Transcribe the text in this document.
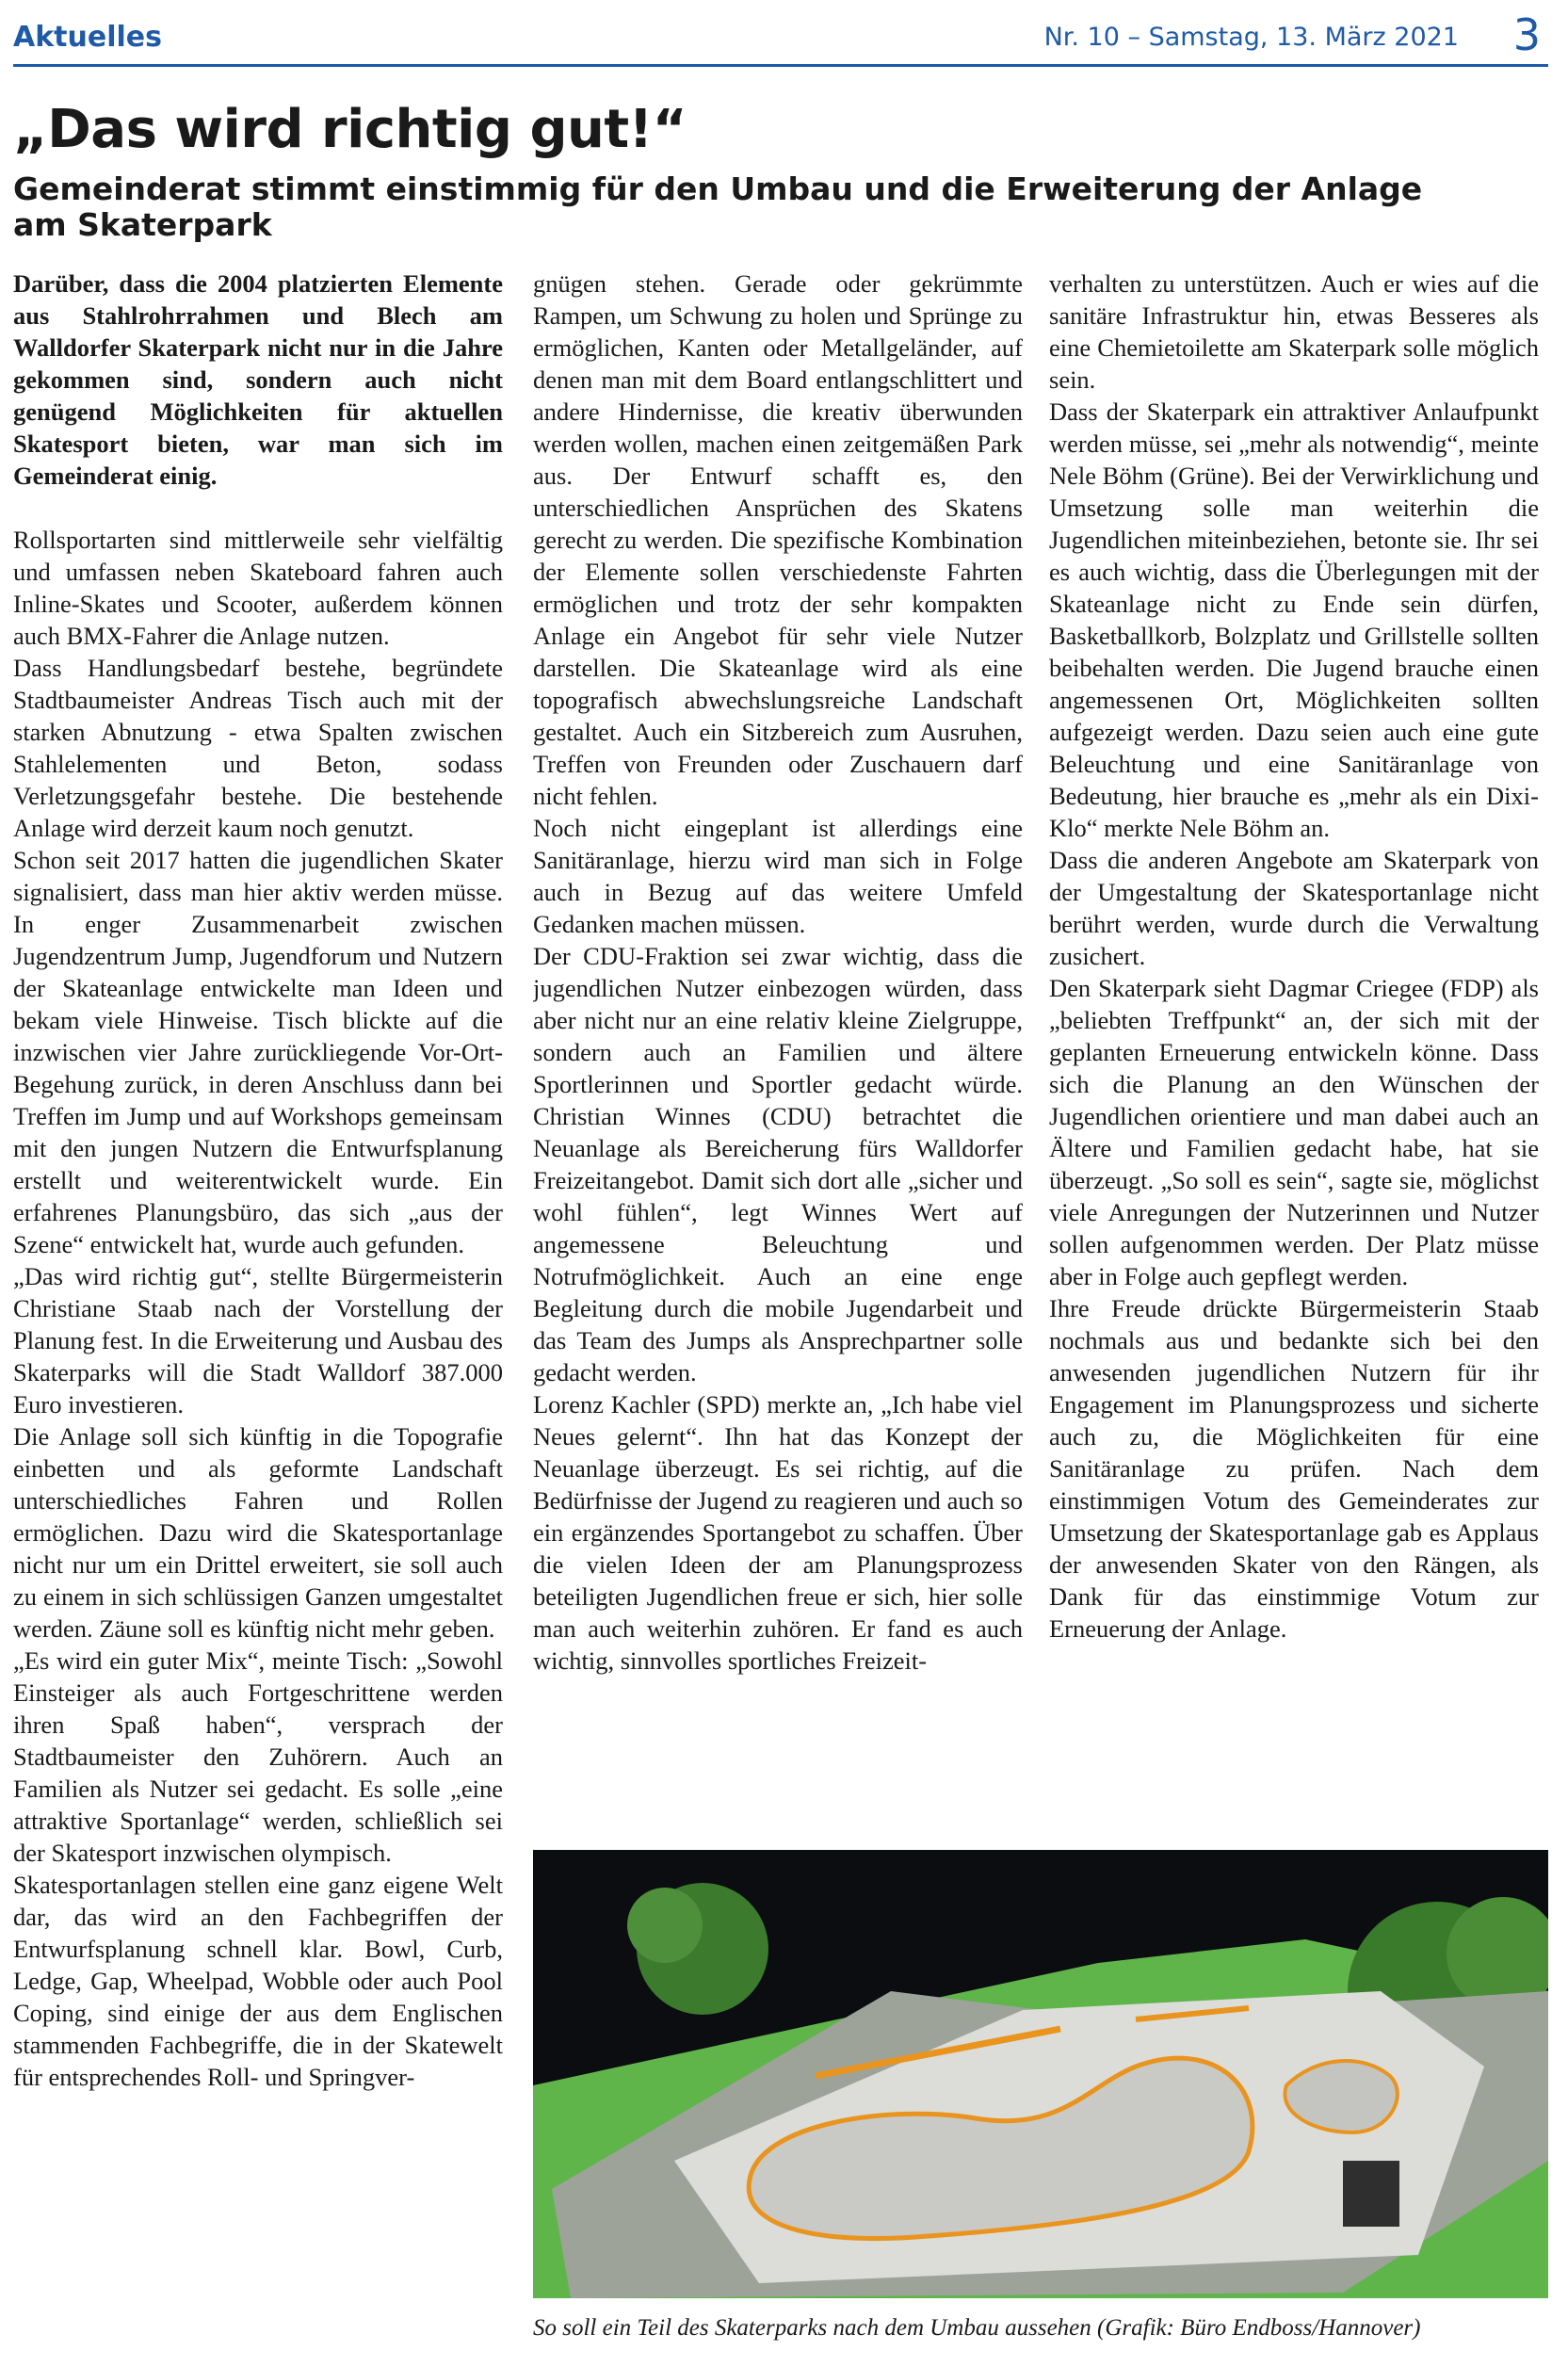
Aktuelles	Nr. 10 – Samstag, 13. März 2021 3
„Das wird richtig gut!“
Gemeinderat stimmt einstimmig für den Umbau und die Erweiterung der Anlage am Skaterpark

Darüber, dass die 2004 platzierten Elemente aus Stahlrohrrahmen und Blech am Walldorfer Skaterpark nicht nur in die Jahre gekommen sind, sondern auch nicht genügend Möglichkeiten für aktuellen Skatesport bieten, war man sich im Gemeinderat einig.

Rollsportarten sind mittlerweile sehr vielfältig und umfassen neben Skateboard fahren auch Inline-Skates und Scooter, außerdem können auch BMX-Fahrer die Anlage nutzen.

Dass Handlungsbedarf bestehe, begründete Stadtbaumeister Andreas Tisch auch mit der starken Abnutzung - etwa Spalten zwischen Stahlelementen und Beton, sodass Verletzungsgefahr bestehe. Die bestehende Anlage wird derzeit kaum noch genutzt.

Schon seit 2017 hatten die jugendlichen Skater signalisiert, dass man hier aktiv werden müsse. In enger Zusammenarbeit zwischen Jugendzentrum Jump, Jugendforum und Nutzern der Skateanlage entwickelte man Ideen und bekam viele Hinweise. Tisch blickte auf die inzwischen vier Jahre zurückliegende Vor-Ort-Begehung zurück, in deren Anschluss dann bei Treffen im Jump und auf Workshops gemeinsam mit den jungen Nutzern die Entwurfsplanung erstellt und weiterentwickelt wurde. Ein erfahrenes Planungsbüro, das sich „aus der Szene“ entwickelt hat, wurde auch gefunden.

„Das wird richtig gut“, stellte Bürgermeisterin Christiane Staab nach der Vorstellung der Planung fest. In die Erweiterung und Ausbau des Skaterparks will die Stadt Walldorf 387.000 Euro investieren.

Die Anlage soll sich künftig in die Topografie einbetten und als geformte Landschaft unterschiedliches Fahren und Rollen ermöglichen. Dazu wird die Skatesportanlage nicht nur um ein Drittel erweitert, sie soll auch zu einem in sich schlüssigen Ganzen umgestaltet werden. Zäune soll es künftig nicht mehr geben.

„Es wird ein guter Mix“, meinte Tisch: „Sowohl Einsteiger als auch Fortgeschrittene werden ihren Spaß haben“, versprach der Stadtbaumeister den Zuhörern. Auch an Familien als Nutzer sei gedacht. Es solle „eine attraktive Sportanlage“ werden, schließlich sei der Skatesport inzwischen olympisch.

Skatesportanlagen stellen eine ganz eigene Welt dar, das wird an den Fachbegriffen der Entwurfsplanung schnell klar. Bowl, Curb, Ledge, Gap, Wheelpad, Wobble oder auch Pool Coping, sind einige der aus dem Englischen stammenden Fachbegriffe, die in der Skatewelt für entsprechendes Roll- und Springver-

gnügen stehen. Gerade oder gekrümmte Rampen, um Schwung zu holen und Sprünge zu ermöglichen, Kanten oder Metallgeländer, auf denen man mit dem Board entlangschlittert und andere Hindernisse, die kreativ überwunden werden wollen, machen einen zeitgemäßen Park aus. Der Entwurf schafft es, den unterschiedlichen Ansprüchen des Skatens gerecht zu werden. Die spezifische Kombination der Elemente sollen verschiedenste Fahrten ermöglichen und trotz der sehr kompakten Anlage ein Angebot für sehr viele Nutzer darstellen. Die Skateanlage wird als eine topografisch abwechslungsreiche Landschaft gestaltet. Auch ein Sitzbereich zum Ausruhen, Treffen von Freunden oder Zuschauern darf nicht fehlen.

Noch nicht eingeplant ist allerdings eine Sanitäranlage, hierzu wird man sich in Folge auch in Bezug auf das weitere Umfeld Gedanken machen müssen.

Der CDU-Fraktion sei zwar wichtig, dass die jugendlichen Nutzer einbezogen würden, dass aber nicht nur an eine relativ kleine Zielgruppe, sondern auch an Familien und ältere Sportlerinnen und Sportler gedacht würde. Christian Winnes (CDU) betrachtet die Neuanlage als Bereicherung fürs Walldorfer Freizeitangebot. Damit sich dort alle „sicher und wohl fühlen“, legt Winnes Wert auf angemessene Beleuchtung und Notrufmöglichkeit. Auch an eine enge Begleitung durch die mobile Jugendarbeit und das Team des Jumps als Ansprechpartner solle gedacht werden.

Lorenz Kachler (SPD) merkte an, „Ich habe viel Neues gelernt“. Ihn hat das Konzept der Neuanlage überzeugt. Es sei richtig, auf die Bedürfnisse der Jugend zu reagieren und auch so ein ergänzendes Sportangebot zu schaffen. Über die vielen Ideen der am Planungsprozess beteiligten Jugendlichen freue er sich, hier solle man auch weiterhin zuhören. Er fand es auch wichtig, sinnvolles sportliches Freizeit-

verhalten zu unterstützen. Auch er wies auf die sanitäre Infrastruktur hin, etwas Besseres als eine Chemietoilette am Skaterpark solle möglich sein.

Dass der Skaterpark ein attraktiver Anlaufpunkt werden müsse, sei „mehr als notwendig“, meinte Nele Böhm (Grüne). Bei der Verwirklichung und Umsetzung solle man weiterhin die Jugendlichen miteinbeziehen, betonte sie. Ihr sei es auch wichtig, dass die Überlegungen mit der Skateanlage nicht zu Ende sein dürfen, Basketballkorb, Bolzplatz und Grillstelle sollten beibehalten werden. Die Jugend brauche einen angemessenen Ort, Möglichkeiten sollten aufgezeigt werden. Dazu seien auch eine gute Beleuchtung und eine Sanitäranlage von Bedeutung, hier brauche es „mehr als ein Dixi-Klo“ merkte Nele Böhm an.

Dass die anderen Angebote am Skaterpark von der Umgestaltung der Skatesportanlage nicht berührt werden, wurde durch die Verwaltung zusichert.

Den Skaterpark sieht Dagmar Criegee (FDP) als „beliebten Treffpunkt“ an, der sich mit der geplanten Erneuerung entwickeln könne. Dass sich die Planung an den Wünschen der Jugendlichen orientiere und man dabei auch an Ältere und Familien gedacht habe, hat sie überzeugt. „So soll es sein“, sagte sie, möglichst viele Anregungen der Nutzerinnen und Nutzer sollen aufgenommen werden. Der Platz müsse aber in Folge auch gepflegt werden.

Ihre Freude drückte Bürgermeisterin Staab nochmals aus und bedankte sich bei den anwesenden jugendlichen Nutzern für ihr Engagement im Planungsprozess und sicherte auch zu, die Möglichkeiten für eine Sanitäranlage zu prüfen. Nach dem einstimmigen Votum des Gemeinderates zur Umsetzung der Skatesportanlage gab es Applaus der anwesenden Skater von den Rängen, als Dank für das einstimmige Votum zur Erneuerung der Anlage.

So soll ein Teil des Skaterparks nach dem Umbau aussehen (Grafik: Büro Endboss/Hannover)
